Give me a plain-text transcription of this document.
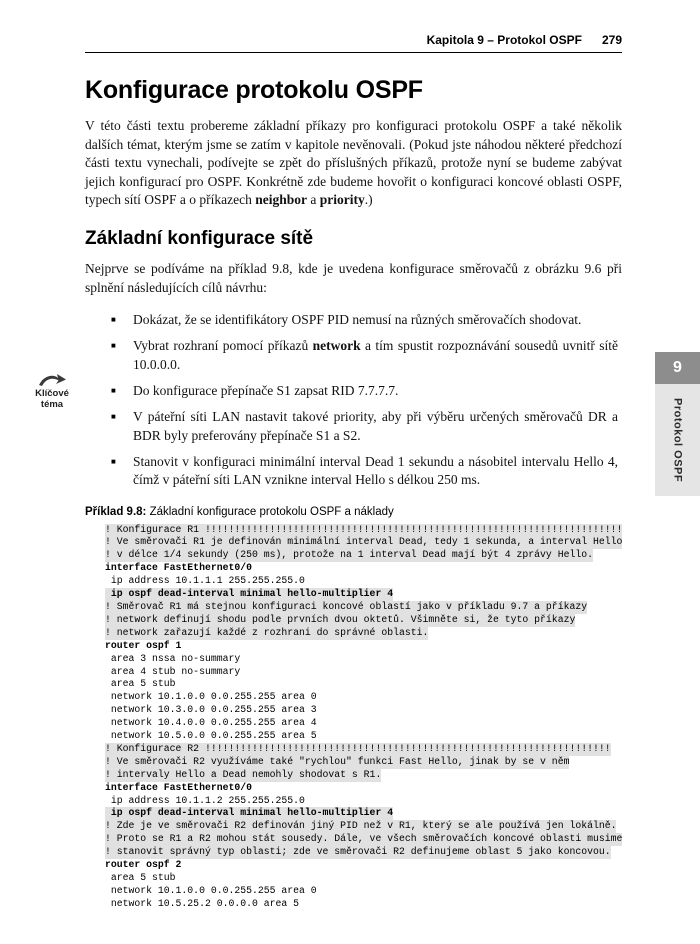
Kapitola 9 – Protokol OSPF 279
9
Protokol OSPF
Klíčové
téma
Konfigurace protokolu OSPF

V této části textu probereme základní příkazy pro konfiguraci protokolu OSPF a také několik dalších témat, kterým jsme se zatím v kapitole nevěnovali. (Pokud jste náhodou některé předchozí části textu vynechali, podívejte se zpět do příslušných příkazů, protože nyní se budeme zabývat jejich konfigurací pro OSPF. Konkrétně zde budeme hovořit o konfiguraci koncové oblasti OSPF, typech sítí OSPF a o příkazech neighbor a priority.)

Základní konfigurace sítě

Nejprve se podíváme na příklad 9.8, kde je uvedena konfigurace směrovačů z obrázku 9.6 při splnění následujících cílů návrhu:

■	Dokázat, že se identifikátory OSPF PID nemusí na různých směrovačích shodovat.
■	Vybrat rozhraní pomocí příkazů network a tím spustit rozpoznávání sousedů uvnitř sítě 10.0.0.0.
■	Do konfigurace přepínače S1 zapsat RID 7.7.7.7.
■	V páteřní síti LAN nastavit takové priority, aby při výběru určených směrovačů DR a BDR byly preferovány přepínače S1 a S2.
■	Stanovit v konfiguraci minimální interval Dead 1 sekundu a násobitel intervalu Hello 4, čímž v páteřní síti LAN vznikne interval Hello s délkou 250 ms.
Příklad 9.8: Základní konfigurace protokolu OSPF a náklady
! Konfigurace R1 !!!!!!!!!!!!!!!!!!!!!!!!!!!!!!!!!!!!!!!!!!!!!!!!!!!!!!!!!!!!!!!!!!!!!!!
! Ve směrovači R1 je definován minimální interval Dead, tedy 1 sekunda, a interval Hello
! v délce 1/4 sekundy (250 ms), protože na 1 interval Dead mají být 4 zprávy Hello.
interface FastEthernet0/0
ip address 10.1.1.1 255.255.255.0
ip ospf dead-interval minimal hello-multiplier 4
! Směrovač R1 má stejnou konfiguraci koncové oblastí jako v příkladu 9.7 a příkazy
! network definují shodu podle prvních dvou oktetů. Všimněte si, že tyto příkazy
! network zařazují každé z rozhrani do správné oblasti.
router ospf 1
area 3 nssa no-summary
area 4 stub no-summary
area 5 stub
network 10.1.0.0 0.0.255.255 area 0
network 10.3.0.0 0.0.255.255 area 3
network 10.4.0.0 0.0.255.255 area 4
network 10.5.0.0 0.0.255.255 area 5
! Konfigurace R2 !!!!!!!!!!!!!!!!!!!!!!!!!!!!!!!!!!!!!!!!!!!!!!!!!!!!!!!!!!!!!!!!!!!!!
! Ve směrovači R2 využíváme také "rychlou" funkci Fast Hello, jinak by se v něm
! intervaly Hello a Dead nemohly shodovat s R1.
interface FastEthernet0/0
ip address 10.1.1.2 255.255.255.0
ip ospf dead-interval minimal hello-multiplier 4
! Zde je ve směrovači R2 definován jiný PID než v R1, který se ale používá jen lokálně.
! Proto se R1 a R2 mohou stát sousedy. Dále, ve všech směrovačích koncové oblasti musime
! stanovit správný typ oblasti; zde ve směrovači R2 definujeme oblast 5 jako koncovou.
router ospf 2
area 5 stub
network 10.1.0.0 0.0.255.255 area 0
network 10.5.25.2 0.0.0.0 area 5
